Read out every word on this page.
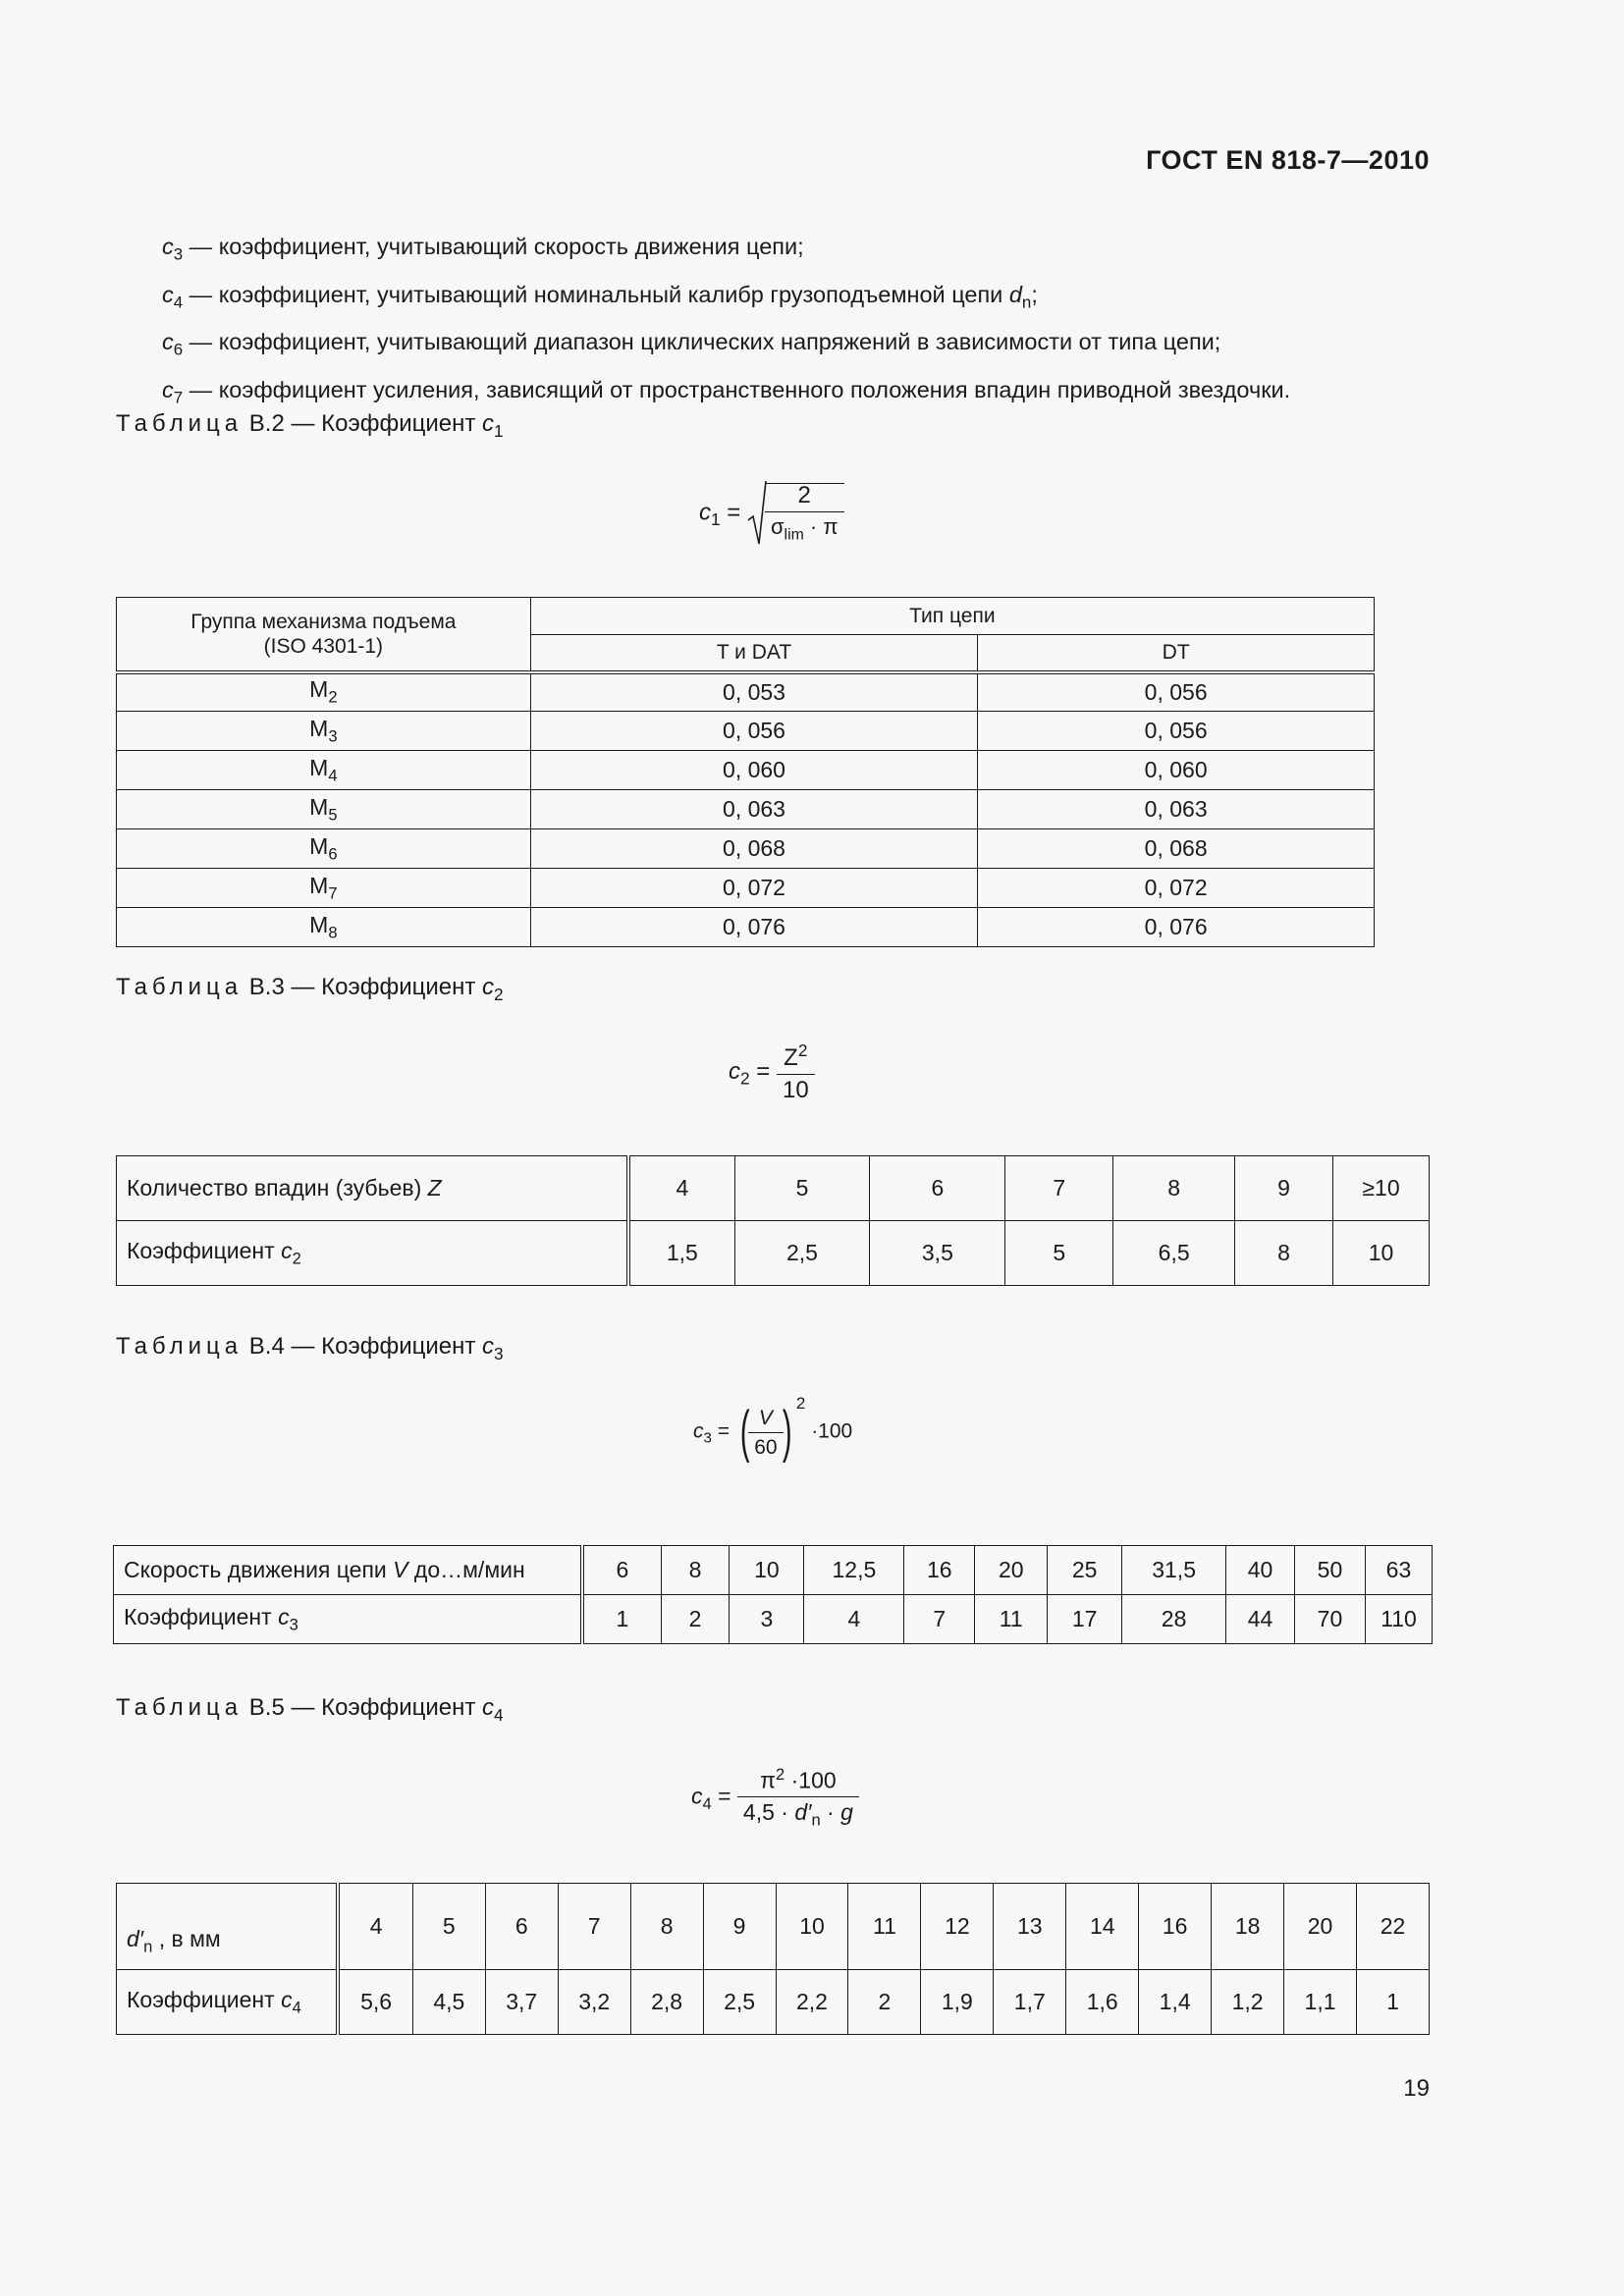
ГОСТ EN 818-7—2010

$c_3$ — коэффициент, учитывающий скорость движения цепи;

$c_4$ — коэффициент, учитывающий номинальный калибр грузоподъемной цепи $d_n$;

$c_6$ — коэффициент, учитывающий диапазон циклических напряжений в зависимости от типа цепи;

$c_7$ — коэффициент усиления, зависящий от пространственного положения впадин приводной звездочки.

Таблица В.2 — Коэффициент $c_1$
$c_1 = \frac{2}{\sigma_{lim} \cdot \pi}$
Группа механизма подъема
(ISO 4301-1)	Тип цепи	
	T и DAT	DT
$M_2$	0, 053	0, 056
$M_3$	0, 056	0, 056
$M_4$	0, 060	0, 060
$M_5$	0, 063	0, 063
$M_6$	0, 068	0, 068
$M_7$	0, 072	0, 072
$M_8$	0, 076	0, 076
Таблица В.3 — Коэффициент $c_2$
$c_2 = \frac{Z^2}{10}$
Количество впадин (зубьев) Z	4	5	6	7	8	9	≥10
Коэффициент $c_2$	1,5	2,5	3,5	5	6,5	8	10
Таблица В.4 — Коэффициент $c_3$
$c_3$ = (
$\frac{V}{60}$
) $^2$ ·100
Скорость движения цепи V до…м/мин	6	8	10	12,5	16	20	25	31,5	40	50	63
Коэффициент $c_3$	1	2	3	4	7	11	17	28	44	70	110
Таблица В.5 — Коэффициент $c_4$
$c_4 = \frac{\pi^2 \cdot 100}{4,5 \cdot d'_n \cdot g}$
$d'_n$ , в мм	4	5	6	7	8	9	10	11	12	13	14	16	18	20	22
Коэффициент $c_4$	5,6	4,5	3,7	3,2	2,8	2,5	2,2	2	1,9	1,7	1,6	1,4	1,2	1,1	1
19
